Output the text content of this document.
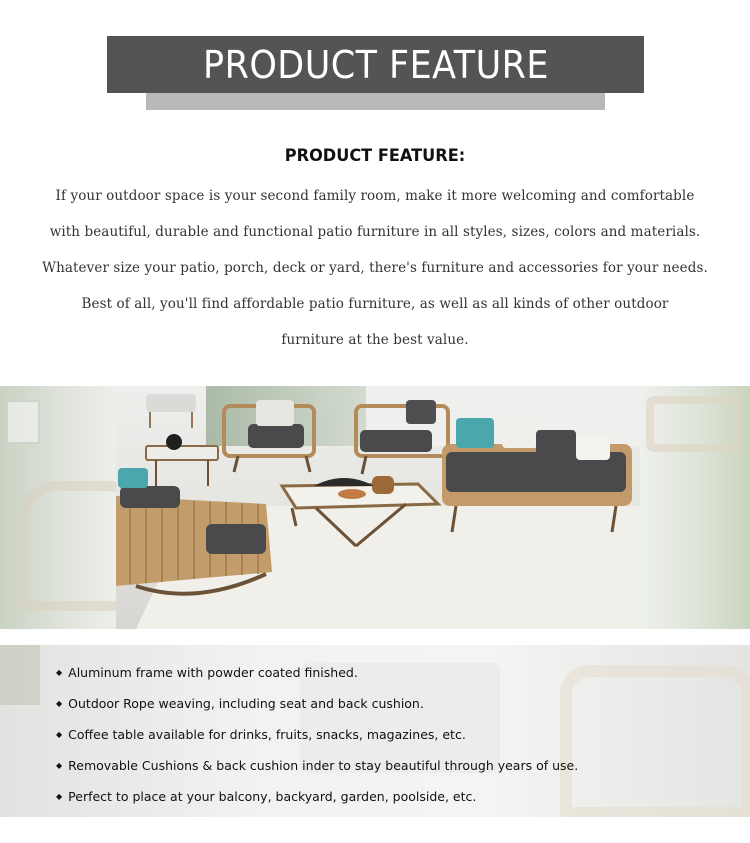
PRODUCT FEATURE
PRODUCT FEATURE:
If your outdoor space is your second family room, make it more welcoming and comfortable
with beautiful, durable and functional patio furniture in all styles, sizes, colors and materials.
Whatever size your patio, porch, deck or yard, there's furniture and accessories for your needs.
Best of all, you'll find affordable patio furniture, as well as all kinds of other outdoor
furniture at the best value.
◆ Aluminum frame with powder coated finished.
◆ Outdoor Rope weaving, including seat and back cushion.
◆ Coffee table available for drinks, fruits, snacks, magazines, etc.
◆ Removable Cushions & back cushion inder to stay beautiful through years of use.
◆ Perfect to place at your balcony, backyard, garden, poolside, etc.
